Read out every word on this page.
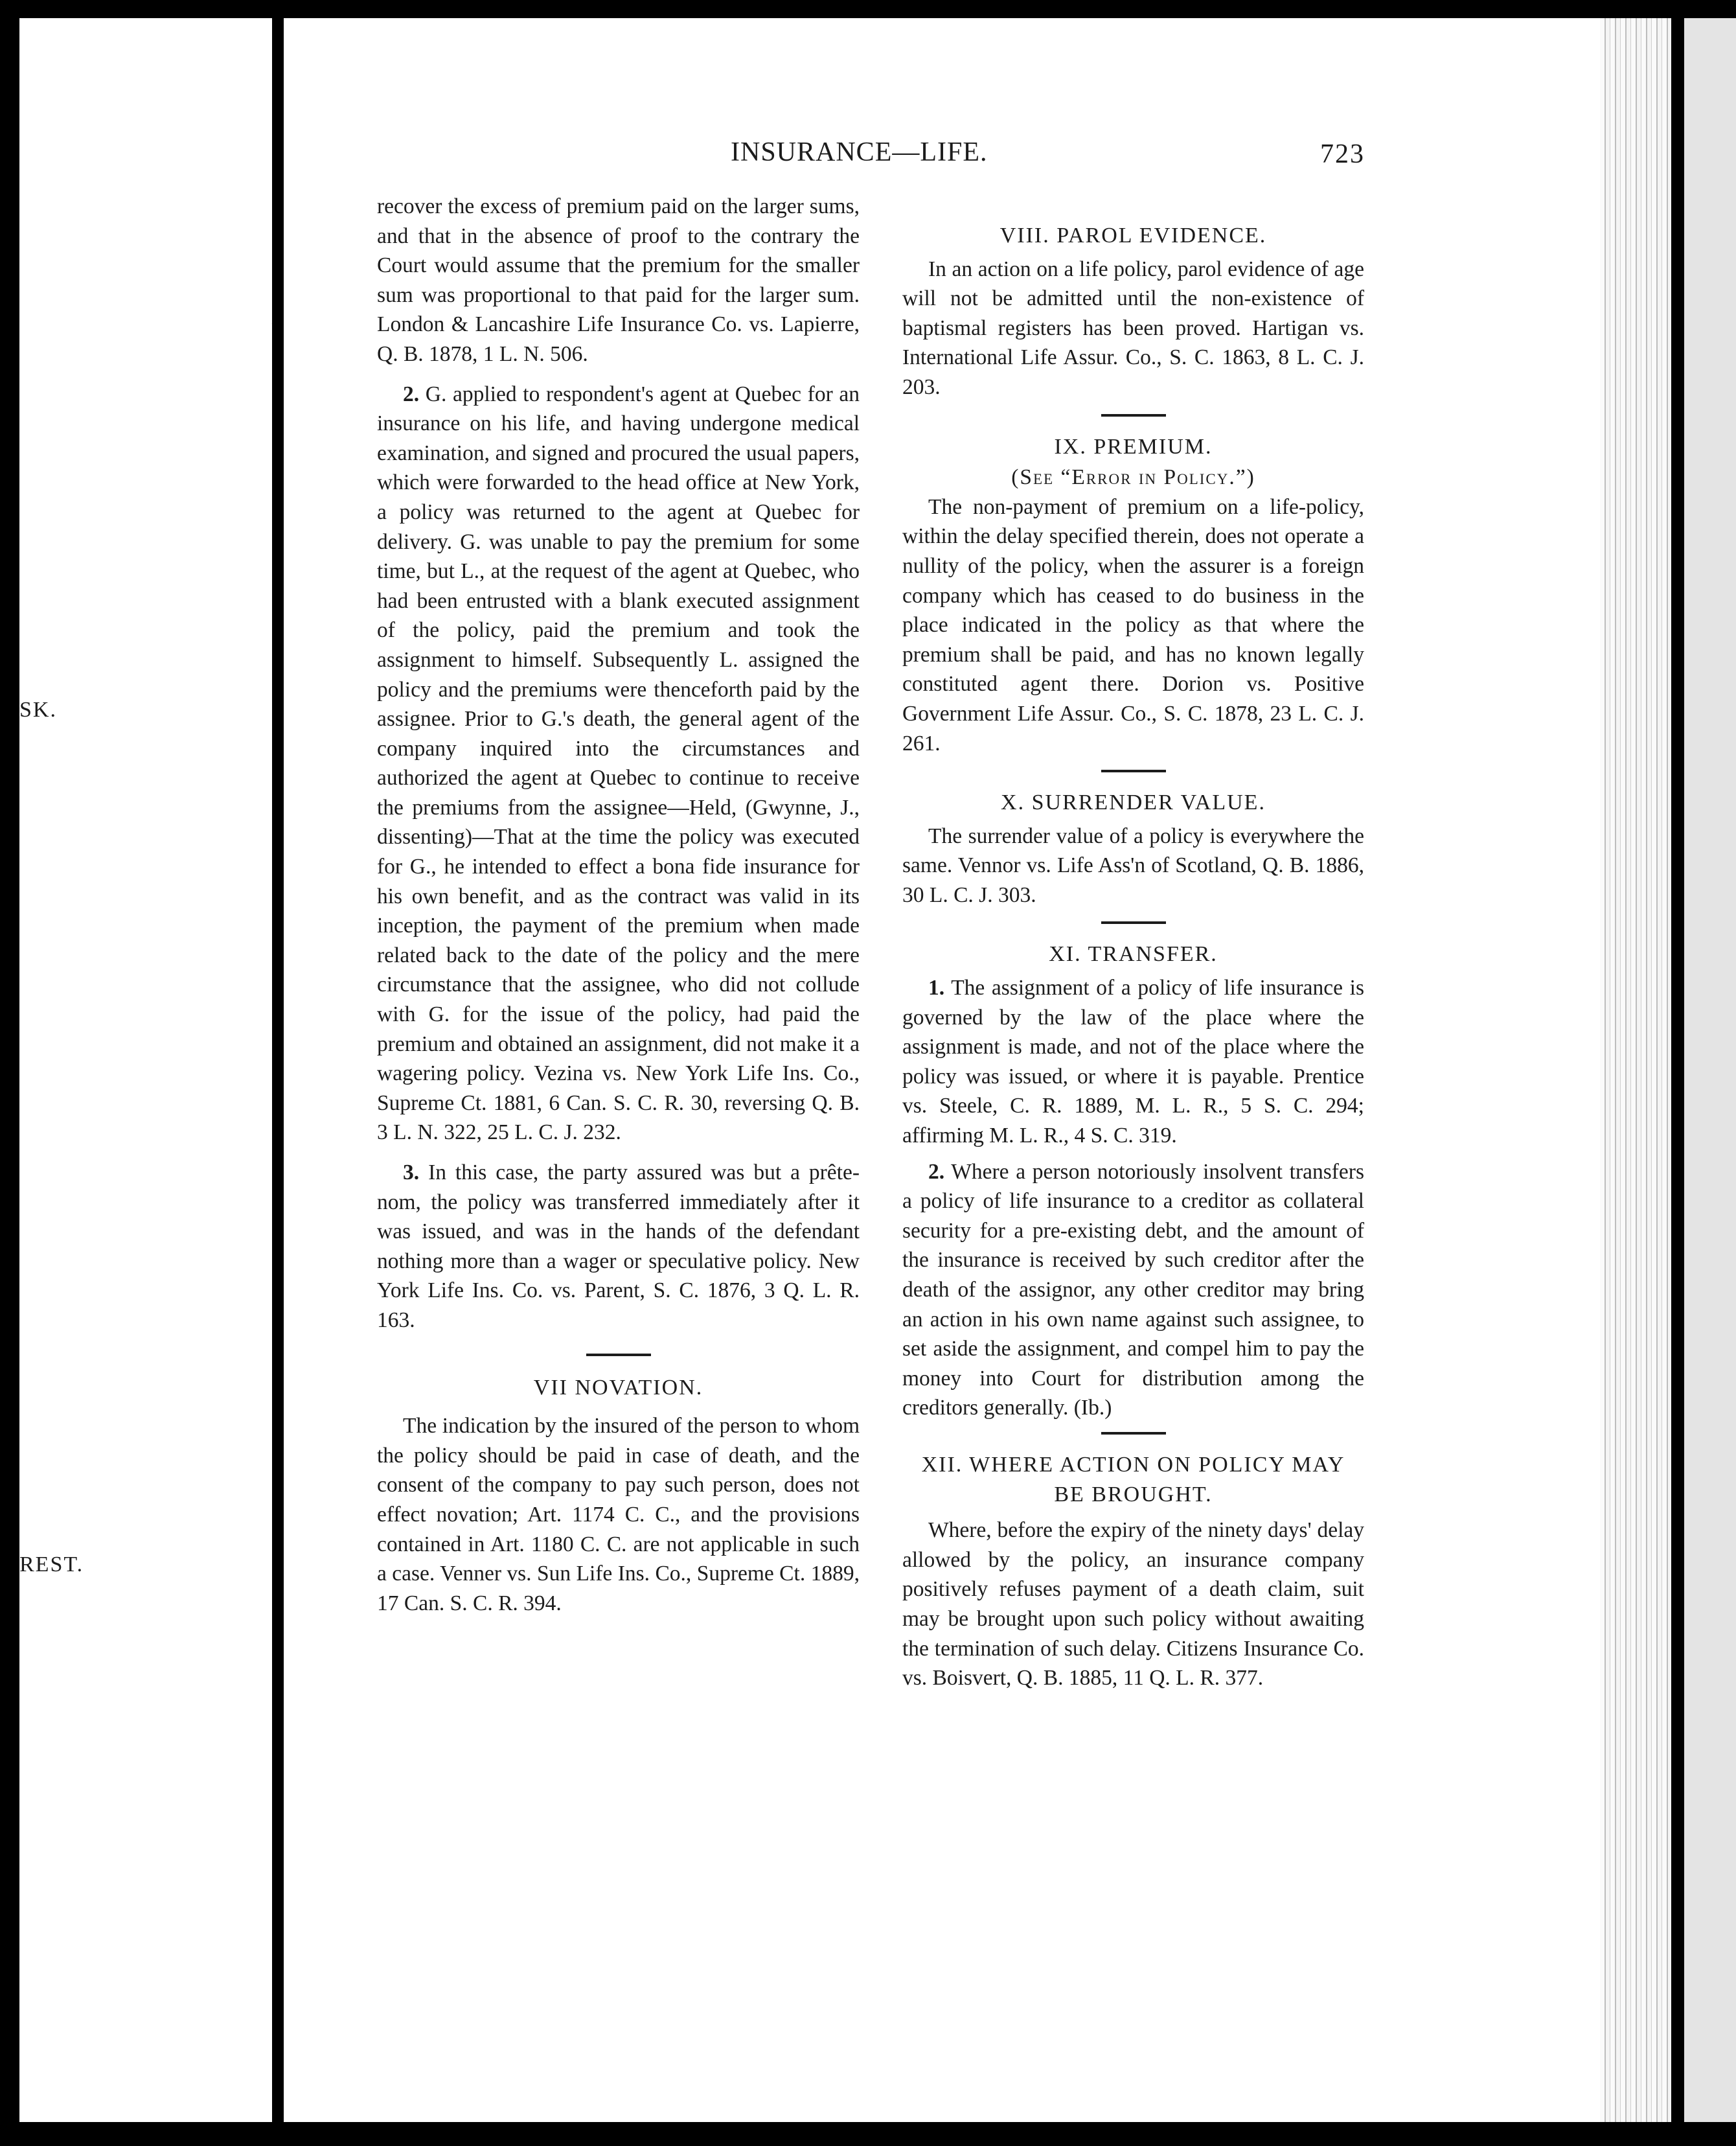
SK.
REST.
INSURANCE—LIFE.	723

recover the excess of premium paid on the larger sums, and that in the absence of proof to the contrary the Court would assume that the premium for the smaller sum was proportional to that paid for the larger sum. London & Lancashire Life Insurance Co. vs. Lapierre, Q. B. 1878, 1 L. N. 506.

2. G. applied to respondent's agent at Quebec for an insurance on his life, and having undergone medical examination, and signed and procured the usual papers, which were forwarded to the head office at New York, a policy was returned to the agent at Quebec for delivery. G. was unable to pay the premium for some time, but L., at the request of the agent at Quebec, who had been entrusted with a blank executed assignment of the policy, paid the premium and took the assignment to himself. Subsequently L. assigned the policy and the premiums were thenceforth paid by the assignee. Prior to G.'s death, the general agent of the company inquired into the circumstances and authorized the agent at Quebec to continue to receive the premiums from the assignee—Held, (Gwynne, J., dissenting)—That at the time the policy was executed for G., he intended to effect a bona fide insurance for his own benefit, and as the contract was valid in its inception, the payment of the premium when made related back to the date of the policy and the mere circumstance that the assignee, who did not collude with G. for the issue of the policy, had paid the premium and obtained an assignment, did not make it a wagering policy. Vezina vs. New York Life Ins. Co., Supreme Ct. 1881, 6 Can. S. C. R. 30, reversing Q. B. 3 L. N. 322, 25 L. C. J. 232.

3. In this case, the party assured was but a prête-nom, the policy was transferred immediately after it was issued, and was in the hands of the defendant nothing more than a wager or speculative policy. New York Life Ins. Co. vs. Parent, S. C. 1876, 3 Q. L. R. 163.

VII NOVATION.

The indication by the insured of the person to whom the policy should be paid in case of death, and the consent of the company to pay such person, does not effect novation; Art. 1174 C. C., and the provisions contained in Art. 1180 C. C. are not applicable in such a case. Venner vs. Sun Life Ins. Co., Supreme Ct. 1889, 17 Can. S. C. R. 394.

VIII. PAROL EVIDENCE.

In an action on a life policy, parol evidence of age will not be admitted until the non-existence of baptismal registers has been proved. Hartigan vs. International Life Assur. Co., S. C. 1863, 8 L. C. J. 203.

IX. PREMIUM.

(See “Error in Policy.”)

The non-payment of premium on a life-policy, within the delay specified therein, does not operate a nullity of the policy, when the assurer is a foreign company which has ceased to do business in the place indicated in the policy as that where the premium shall be paid, and has no known legally constituted agent there. Dorion vs. Positive Government Life Assur. Co., S. C. 1878, 23 L. C. J. 261.

X. SURRENDER VALUE.

The surrender value of a policy is everywhere the same. Vennor vs. Life Ass'n of Scotland, Q. B. 1886, 30 L. C. J. 303.

XI. TRANSFER.

1. The assignment of a policy of life insurance is governed by the law of the place where the assignment is made, and not of the place where the policy was issued, or where it is payable. Prentice vs. Steele, C. R. 1889, M. L. R., 5 S. C. 294; affirming M. L. R., 4 S. C. 319.

2. Where a person notoriously insolvent transfers a policy of life insurance to a creditor as collateral security for a pre-existing debt, and the amount of the insurance is received by such creditor after the death of the assignor, any other creditor may bring an action in his own name against such assignee, to set aside the assignment, and compel him to pay the money into Court for distribution among the creditors generally. (Ib.)

XII. WHERE ACTION ON POLICY MAY
BE BROUGHT.

Where, before the expiry of the ninety days' delay allowed by the policy, an insurance company positively refuses payment of a death claim, suit may be brought upon such policy without awaiting the termination of such delay. Citizens Insurance Co. vs. Boisvert, Q. B. 1885, 11 Q. L. R. 377.
